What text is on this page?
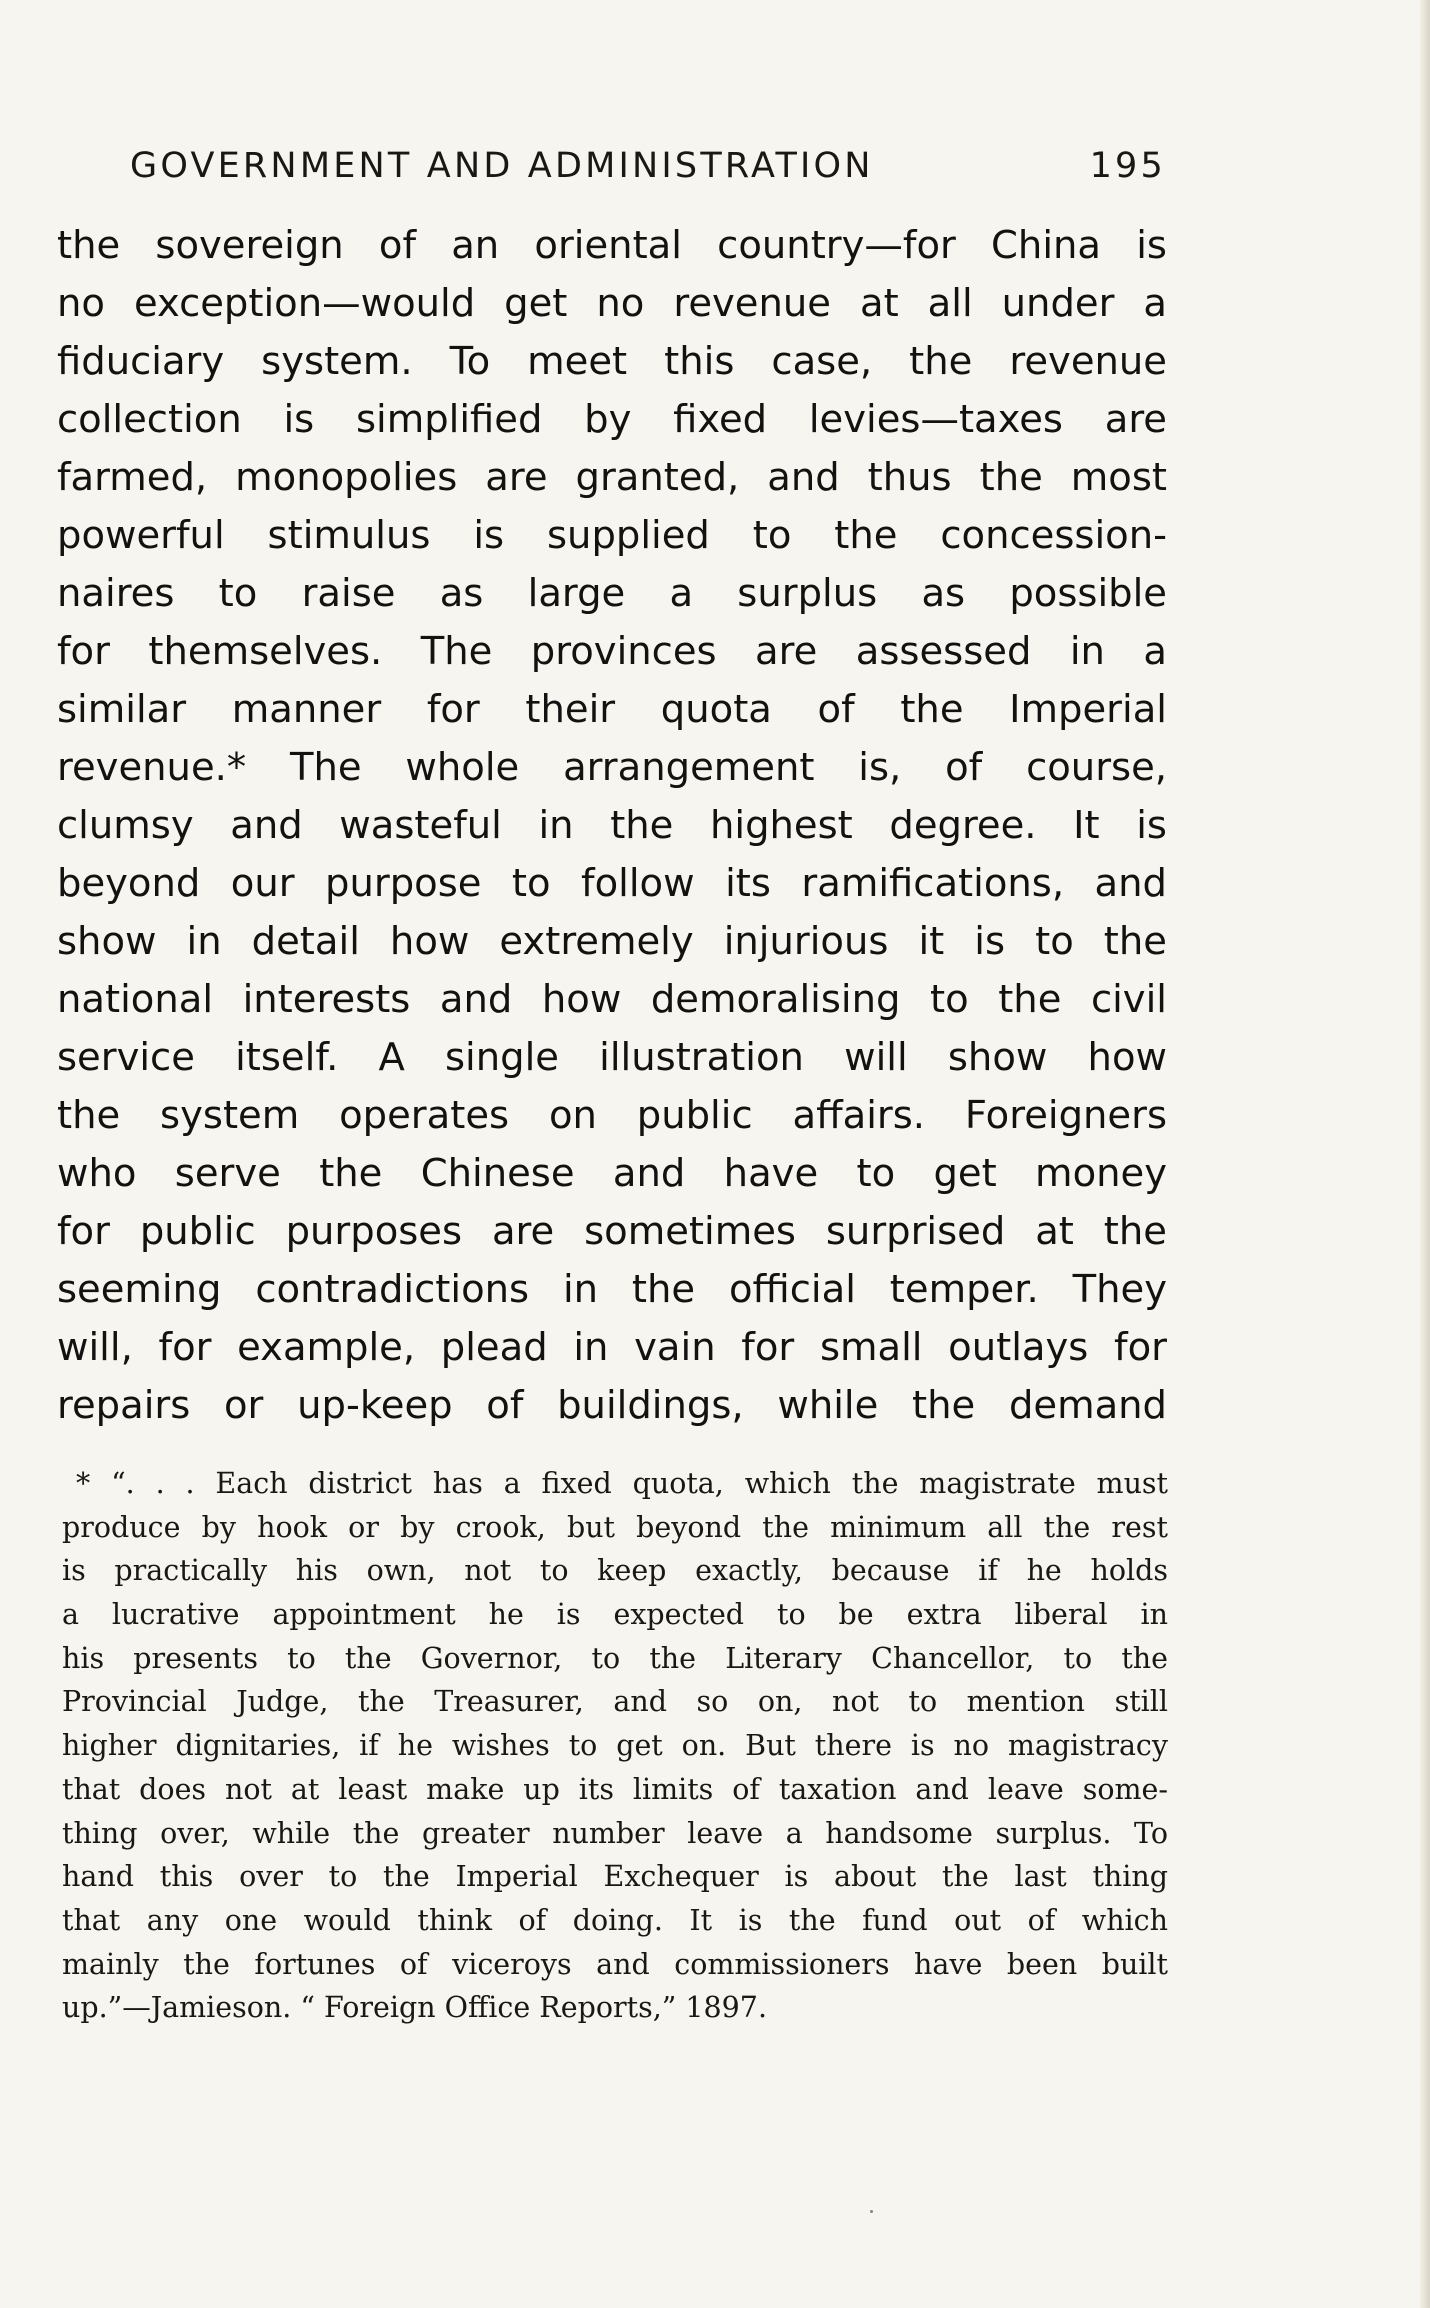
GOVERNMENT AND ADMINISTRATION	195
the sovereign of an oriental country—for China is
no exception—would get no revenue at all under a
fiduciary system. To meet this case, the revenue
collection is simplified by fixed levies—taxes are
farmed, monopolies are granted, and thus the most
powerful stimulus is supplied to the concession-
naires to raise as large a surplus as possible
for themselves. The provinces are assessed in a
similar manner for their quota of the Imperial
revenue.* The whole arrangement is, of course,
clumsy and wasteful in the highest degree. It is
beyond our purpose to follow its ramifications, and
show in detail how extremely injurious it is to the
national interests and how demoralising to the civil
service itself. A single illustration will show how
the system operates on public affairs. Foreigners
who serve the Chinese and have to get money
for public purposes are sometimes surprised at the
seeming contradictions in the official temper. They
will, for example, plead in vain for small outlays for
repairs or up-keep of buildings, while the demand
* “. . . Each district has a fixed quota, which the magistrate must
produce by hook or by crook, but beyond the minimum all the rest
is practically his own, not to keep exactly, because if he holds
a lucrative appointment he is expected to be extra liberal in
his presents to the Governor, to the Literary Chancellor, to the
Provincial Judge, the Treasurer, and so on, not to mention still
higher dignitaries, if he wishes to get on. But there is no magistracy
that does not at least make up its limits of taxation and leave some-
thing over, while the greater number leave a handsome surplus. To
hand this over to the Imperial Exchequer is about the last thing
that any one would think of doing. It is the fund out of which
mainly the fortunes of viceroys and commissioners have been built
up.”—Jamieson. “ Foreign Office Reports,” 1897.
